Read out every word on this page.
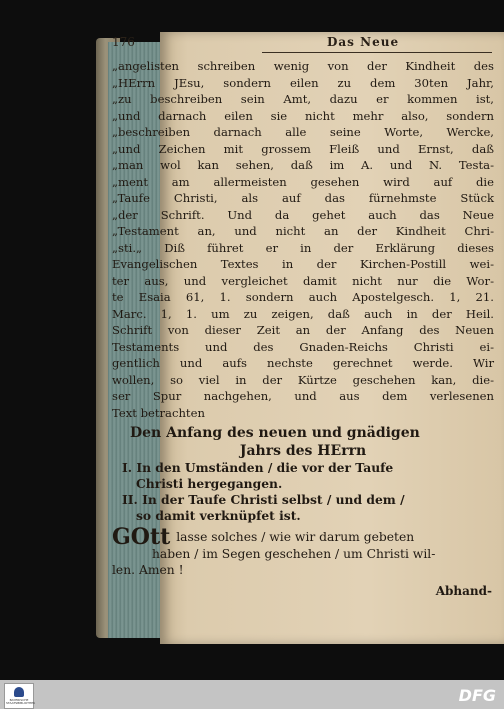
176	Das Neue
„angelisten schreiben wenig von der Kindheit des
„HErrn JEsu, sondern eilen zu dem 30ten Jahr,
„zu beschreiben sein Amt, dazu er kommen ist,
„und darnach eilen sie nicht mehr also, sondern
„beschreiben darnach alle seine Worte, Wercke,
„und Zeichen mit grossem Fleiß und Ernst, daß
„man wol kan sehen, daß im A. und N. Testa-
„ment am allermeisten gesehen wird auf die
„Taufe Christi, als auf das fürnehmste Stück
„der Schrift. Und da gehet auch das Neue
„Testament an, und nicht an der Kindheit Chri-
„sti.„ Diß führet er in der Erklärung dieses
Evangelischen Textes in der Kirchen-Postill wei-
ter aus, und vergleichet damit nicht nur die Wor-
te Esaia 61, 1. sondern auch Apostelgesch. 1, 21.
Marc. 1, 1. um zu zeigen, daß auch in der Heil.
Schrift von dieser Zeit an der Anfang des Neuen
Testaments und des Gnaden-Reichs Christi ei-
gentlich und aufs nechste gerechnet werde. Wir
wollen, so viel in der Kürtze geschehen kan, die-
ser Spur nachgehen, und aus dem verlesenen
Text betrachten
Den Anfang des neuen und gnädigen
Jahrs des HErrn
I. In den Umständen / die vor der Taufe
Christi hergegangen.
II. In der Taufe Christi selbst / und dem /
so damit verknüpfet ist.
GOtt lasse solches / wie wir darum gebeten
haben / im Segen geschehen / um Christi wil-
len. Amen !
Abhand-
BAYERISCHE STAATSBIBLIOTHEK	DFG
